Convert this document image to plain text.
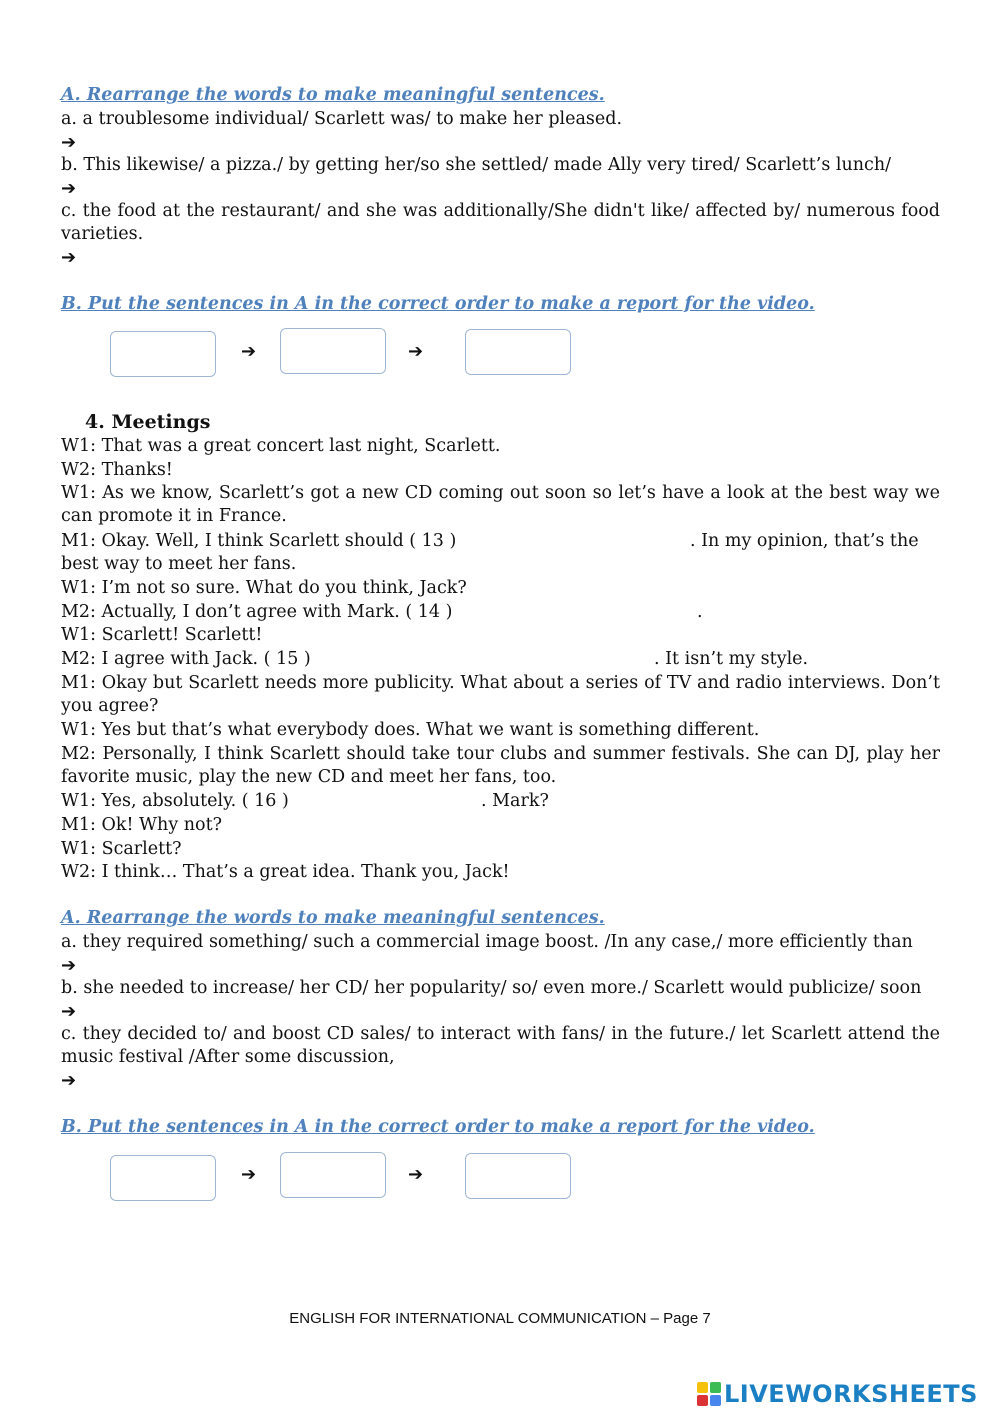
A. Rearrange the words to make meaningful sentences.
a. a troublesome individual/ Scarlett was/ to make her pleased.
➔
b. This likewise/ a pizza./ by getting her/so she settled/ made Ally very tired/ Scarlett’s lunch/
➔
c. the food at the restaurant/ and she was additionally/She didn't like/ affected by/ numerous food varieties.
➔
B. Put the sentences in A in the correct order to make a report for the video.
➔	➔
4. Meetings
W1: That was a great concert last night, Scarlett.
W2: Thanks!
W1: As we know, Scarlett’s got a new CD coming out soon so let’s have a look at the best way we can promote it in France.
M1: Okay. Well, I think Scarlett should ( 13 )	. In my opinion, that’s the
best way to meet her fans.
W1: I’m not so sure. What do you think, Jack?
M2: Actually, I don’t agree with Mark. ( 14 )	.
W1: Scarlett! Scarlett!
M2: I agree with Jack. ( 15 )	. It isn’t my style.
M1: Okay but Scarlett needs more publicity. What about a series of TV and radio interviews. Don’t you agree?
W1: Yes but that’s what everybody does. What we want is something different.
M2: Personally, I think Scarlett should take tour clubs and summer festivals. She can DJ, play her favorite music, play the new CD and meet her fans, too.
W1: Yes, absolutely. ( 16 )	. Mark?
M1: Ok! Why not?
W1: Scarlett?
W2: I think… That’s a great idea. Thank you, Jack!
A. Rearrange the words to make meaningful sentences.
a. they required something/ such a commercial image boost. /In any case,/ more efficiently than
➔
b. she needed to increase/ her CD/ her popularity/ so/ even more./ Scarlett would publicize/ soon
➔
c. they decided to/ and boost CD sales/ to interact with fans/ in the future./ let Scarlett attend the music festival /After some discussion,
➔
B. Put the sentences in A in the correct order to make a report for the video.
➔	➔
ENGLISH FOR INTERNATIONAL COMMUNICATION – Page 7
LIVEWORKSHEETS
